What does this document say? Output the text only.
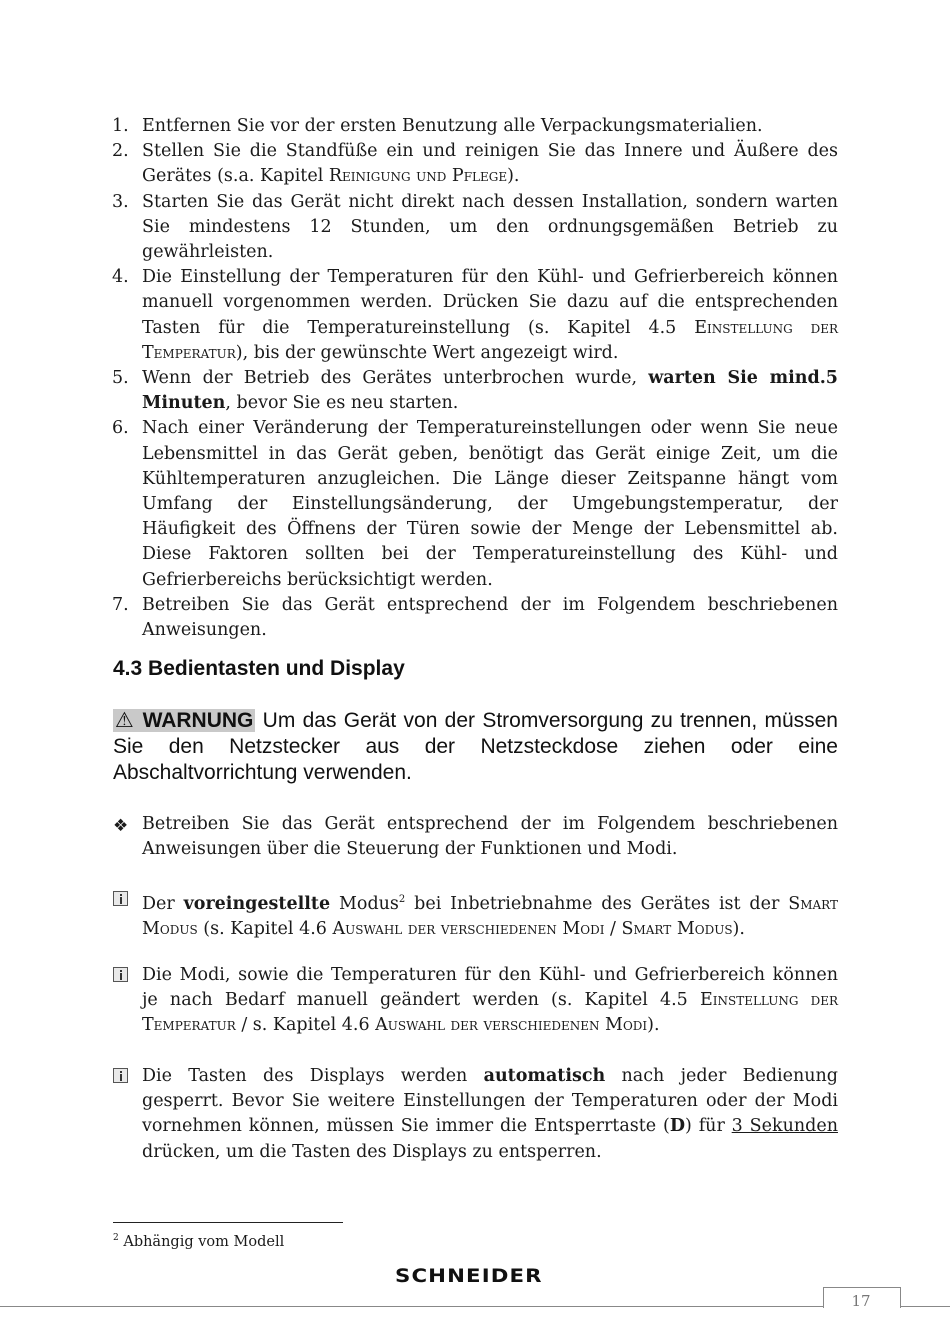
1. Entfernen Sie vor der ersten Benutzung alle Verpackungsmaterialien.
2. Stellen Sie die Standfüße ein und reinigen Sie das Innere und Äußere des Gerätes (s.a. Kapitel Reinigung und Pflege).
3. Starten Sie das Gerät nicht direkt nach dessen Installation, sondern warten Sie mindestens 12 Stunden, um den ordnungsgemäßen Betrieb zu gewährleisten.
4. Die Einstellung der Temperaturen für den Kühl- und Gefrierbereich können manuell vorgenommen werden. Drücken Sie dazu auf die entsprechenden Tasten für die Temperatureinstellung (s. Kapitel 4.5 Einstellung der Temperatur), bis der gewünschte Wert angezeigt wird.
5. Wenn der Betrieb des Gerätes unterbrochen wurde, warten Sie mind.5 Minuten, bevor Sie es neu starten.
6. Nach einer Veränderung der Temperatureinstellungen oder wenn Sie neue Lebensmittel in das Gerät geben, benötigt das Gerät einige Zeit, um die Kühltemperaturen anzugleichen. Die Länge dieser Zeitspanne hängt vom Umfang der Einstellungsänderung, der Umgebungstemperatur, der Häufigkeit des Öffnens der Türen sowie der Menge der Lebensmittel ab. Diese Faktoren sollten bei der Temperatureinstellung des Kühl- und Gefrierbereichs berücksichtigt werden.
7. Betreiben Sie das Gerät entsprechend der im Folgendem beschriebenen Anweisungen.
4.3 Bedientasten und Display
⚠ WARNUNG Um das Gerät von der Stromversorgung zu trennen, müssen Sie den Netzstecker aus der Netzsteckdose ziehen oder eine Abschaltvorrichtung verwenden.
❖ Betreiben Sie das Gerät entsprechend der im Folgendem beschriebenen Anweisungen über die Steuerung der Funktionen und Modi.
Der voreingestellte Modus$^2$ bei Inbetriebnahme des Gerätes ist der Smart Modus (s. Kapitel 4.6 Auswahl der verschiedenen Modi / Smart Modus).
Die Modi, sowie die Temperaturen für den Kühl- und Gefrierbereich können je nach Bedarf manuell geändert werden (s. Kapitel 4.5 Einstellung der Temperatur / s. Kapitel 4.6 Auswahl der verschiedenen Modi).
Die Tasten des Displays werden automatisch nach jeder Bedienung gesperrt. Bevor Sie weitere Einstellungen der Temperaturen oder der Modi vornehmen können, müssen Sie immer die Entsperrtaste (D) für 3 Sekunden drücken, um die Tasten des Displays zu entsperren.
$^2$ Abhängig vom Modell
SCHNEIDER
17
